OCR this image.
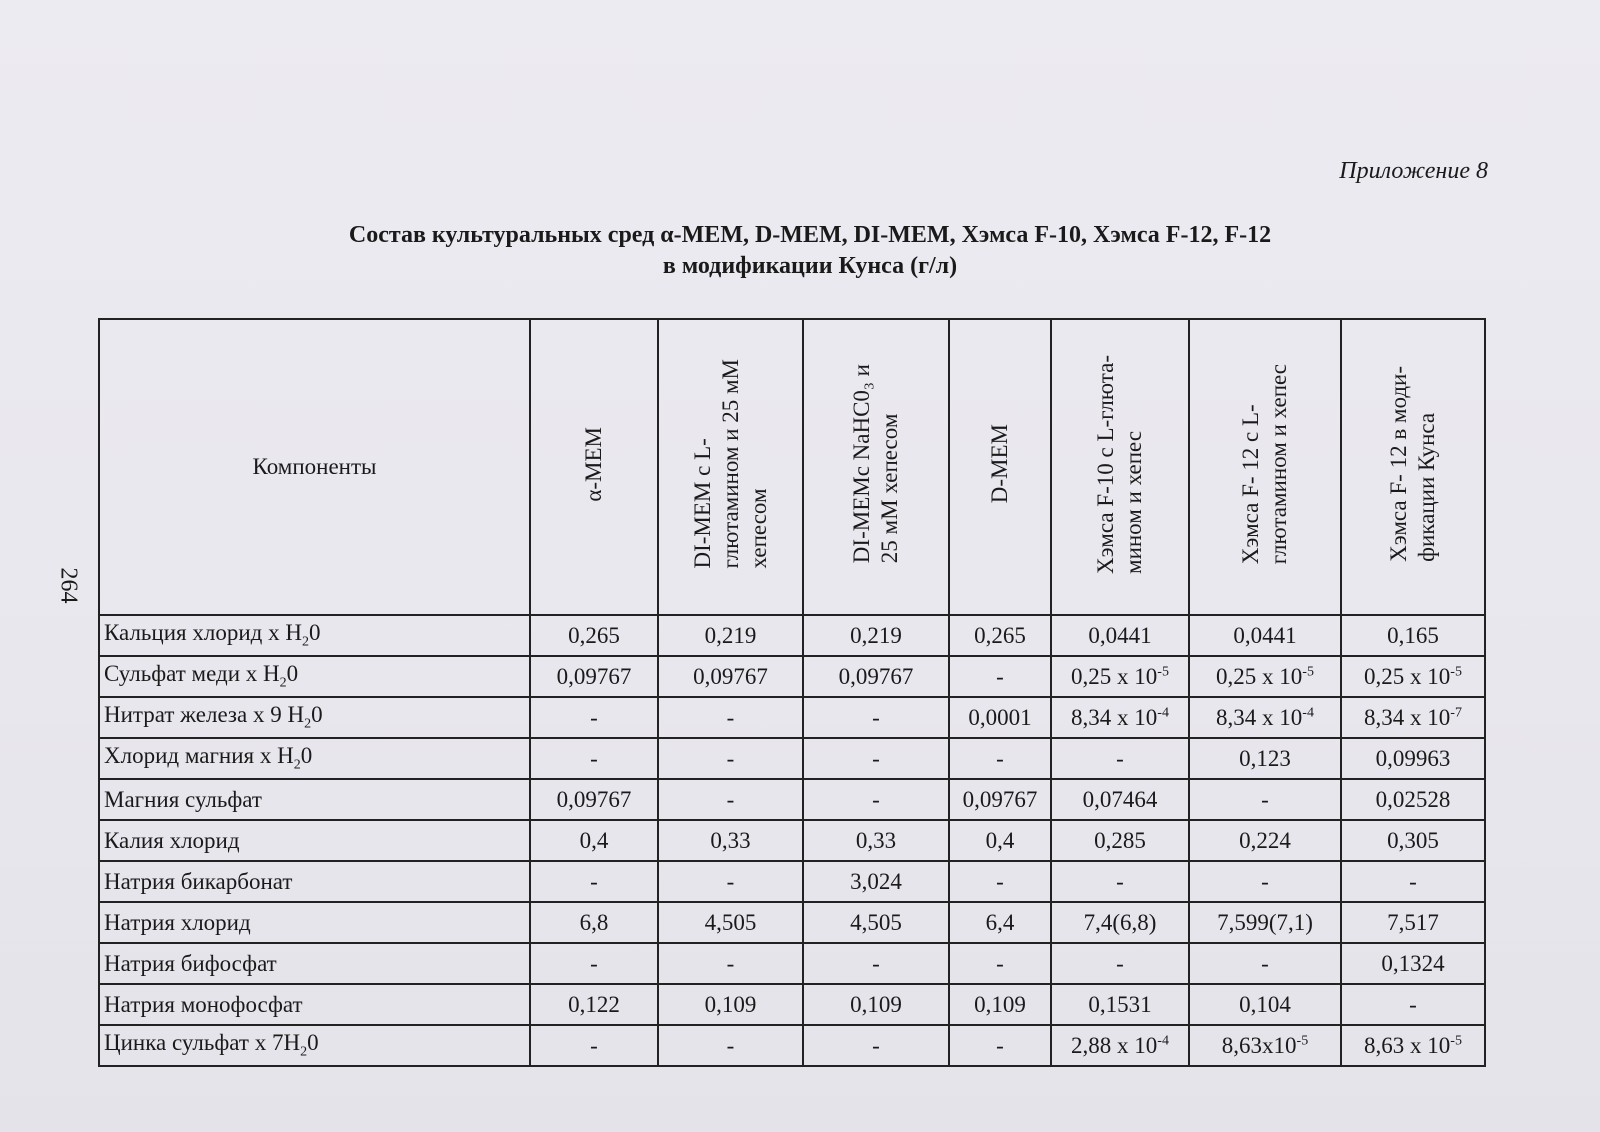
264
Приложение 8
Состав культуральных сред α-МЕМ, D-МЕМ, DI-МЕМ, Хэмса F-10, Хэмса F-12, F-12
в модификации Кунса (г/л)
Компоненты	α-МЕМ	DI-МЕМ с L-
глютамином и 25 мМ
хепесом	DI-МЕМс NaHC0₃ и
25 мМ хепесом	D-МЕМ	Хэмса F-10 с L-глюта-
мином и хепес	Хэмса F- 12 с L-
глютамином и хепес	Хэмса F- 12 в моди-
фикации Кунса
Кальция хлорид х $Н_20$	0,265	0,219	0,219	0,265	0,0441	0,0441	0,165
Сульфат меди х $Н_20$	0,09767	0,09767	0,09767	-	0,25 х $10^{-5}$	0,25 х $10^{-5}$	0,25 х $10^{-5}$
Нитрат железа х 9 $Н_20$	-	-	-	0,0001	8,34 х $10^{-4}$	8,34 х $10^{-4}$	8,34 х $10^{-7}$
Хлорид магния х $Н_20$	-	-	-	-	-	0,123	0,09963
Магния сульфат	0,09767	-	-	0,09767	0,07464	-	0,02528
Калия хлорид	0,4	0,33	0,33	0,4	0,285	0,224	0,305
Натрия бикарбонат	-	-	3,024	-	-	-	-
Натрия хлорид	6,8	4,505	4,505	6,4	7,4(6,8)	7,599(7,1)	7,517
Натрия бифосфат	-	-	-	-	-	-	0,1324
Натрия монофосфат	0,122	0,109	0,109	0,109	0,1531	0,104	-
Цинка сульфат х $7Н_20$	-	-	-	-	2,88 х $10^{-4}$	$8,63х10^{-5}$	8,63 х $10^{-5}$
